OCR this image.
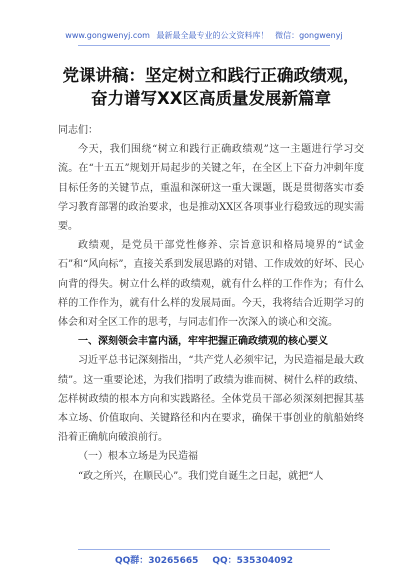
www.gongwenyj.com 最新最全最专业的公文资料库！ 微信：gongwenyj
党课讲稿：坚定树立和践行正确政绩观，
奋力谱写XX区高质量发展新篇章

同志们：

今天，我们围绕“树立和践行正确政绩观”这一主题进行学习交流。在“十五五”规划开局起步的关键之年，在全区上下奋力冲刺年度目标任务的关键节点，重温和深研这一重大课题，既是贯彻落实市委学习教育部署的政治要求，也是推动XX区各项事业行稳致远的现实需要。

政绩观，是党员干部党性修养、宗旨意识和格局境界的“试金石”和“风向标”，直接关系到发展思路的对错、工作成效的好坏、民心向背的得失。树立什么样的政绩观，就有什么样的工作作为；有什么样的工作作为，就有什么样的发展局面。今天，我将结合近期学习的体会和对全区工作的思考，与同志们作一次深入的谈心和交流。

一、深刻领会丰富内涵，牢牢把握正确政绩观的核心要义

习近平总书记深刻指出，“共产党人必须牢记，为民造福是最大政绩”。这一重要论述，为我们指明了政绩为谁而树、树什么样的政绩、怎样树政绩的根本方向和实践路径。全体党员干部必须深刻把握其基本立场、价值取向、关键路径和内在要求，确保干事创业的航船始终沿着正确航向破浪前行。

（一）根本立场是为民造福

“政之所兴，在顺民心”。我们党自诞生之日起，就把“人

QQ群：30265665 QQ：535304092
